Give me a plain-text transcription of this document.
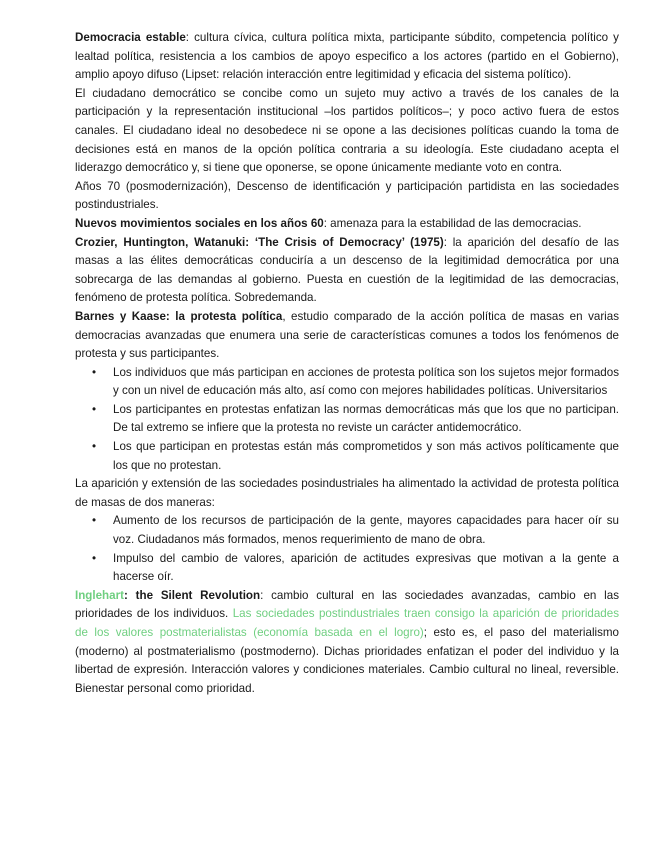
Democracia estable: cultura cívica, cultura política mixta, participante súbdito, competencia político y lealtad política, resistencia a los cambios de apoyo especifico a los actores (partido en el Gobierno), amplio apoyo difuso (Lipset: relación interacción entre legitimidad y eficacia del sistema político).

El ciudadano democrático se concibe como un sujeto muy activo a través de los canales de la participación y la representación institucional –los partidos políticos–; y poco activo fuera de estos canales. El ciudadano ideal no desobedece ni se opone a las decisiones políticas cuando la toma de decisiones está en manos de la opción política contraria a su ideología. Este ciudadano acepta el liderazgo democrático y, si tiene que oponerse, se opone únicamente mediante voto en contra.

Años 70 (posmodernización), Descenso de identificación y participación partidista en las sociedades postindustriales.

Nuevos movimientos sociales en los años 60: amenaza para la estabilidad de las democracias.

Crozier, Huntington, Watanuki: ‘The Crisis of Democracy’ (1975): la aparición del desafío de las masas a las élites democráticas conduciría a un descenso de la legitimidad democrática por una sobrecarga de las demandas al gobierno. Puesta en cuestión de la legitimidad de las democracias, fenómeno de protesta política. Sobredemanda.

Barnes y Kaase: la protesta política, estudio comparado de la acción política de masas en varias democracias avanzadas que enumera una serie de características comunes a todos los fenómenos de protesta y sus participantes.

• Los individuos que más participan en acciones de protesta política son los sujetos mejor formados y con un nivel de educación más alto, así como con mejores habilidades políticas. Universitarios
• Los participantes en protestas enfatizan las normas democráticas más que los que no participan. De tal extremo se infiere que la protesta no reviste un carácter antidemocrático.
• Los que participan en protestas están más comprometidos y son más activos políticamente que los que no protestan.

La aparición y extensión de las sociedades posindustriales ha alimentado la actividad de protesta política de masas de dos maneras:

• Aumento de los recursos de participación de la gente, mayores capacidades para hacer oír su voz. Ciudadanos más formados, menos requerimiento de mano de obra.
• Impulso del cambio de valores, aparición de actitudes expresivas que motivan a la gente a hacerse oír.

Inglehart: the Silent Revolution: cambio cultural en las sociedades avanzadas, cambio en las prioridades de los individuos. Las sociedades postindustriales traen consigo la aparición de prioridades de los valores postmaterialistas (economía basada en el logro); esto es, el paso del materialismo (moderno) al postmaterialismo (postmoderno). Dichas prioridades enfatizan el poder del individuo y la libertad de expresión. Interacción valores y condiciones materiales. Cambio cultural no lineal, reversible. Bienestar personal como prioridad.
